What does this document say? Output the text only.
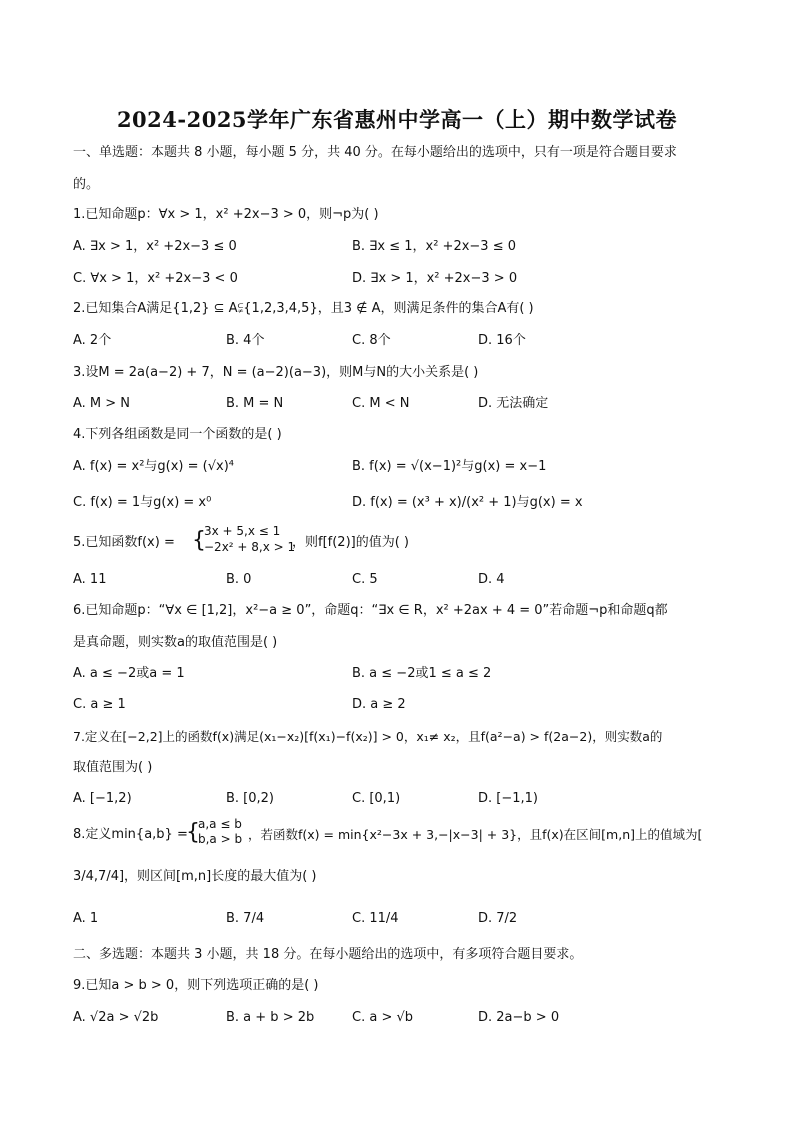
2024-2025学年广东省惠州中学高一（上）期中数学试卷
一、单选题：本题共 8 小题，每小题 5 分，共 40 分。在每小题给出的选项中，只有一项是符合题目要求
的。
1.已知命题p：∀x > 1，x² +2x−3 > 0，则¬p为( )
A. ∃x > 1，x² +2x−3 ≤ 0	B. ∃x ≤ 1，x² +2x−3 ≤ 0
C. ∀x > 1，x² +2x−3 < 0	D. ∃x > 1，x² +2x−3 > 0
2.已知集合A满足{1,2} ⊆ A⫋{1,2,3,4,5}，且3 ∉ A，则满足条件的集合A有( )
A. 2个	B. 4个	C. 8个	D. 16个
3.设M = 2a(a−2) + 7，N = (a−2)(a−3)，则M与N的大小关系是( )
A. M > N	B. M = N	C. M < N	D. 无法确定
4.下列各组函数是同一个函数的是( )
A. f(x) = x²与g(x) = (√x)⁴	B. f(x) = √(x−1)²与g(x) = x−1
C. f(x) = 1与g(x) = x⁰	D. f(x) = (x³ + x)/(x² + 1)与g(x) = x
5.已知函数f(x) = {
3x + 5,x ≤ 1
−2x² + 8,x > 1
，则f[f(2)]的值为( )
A. 11	B. 0	C. 5	D. 4
6.已知命题p：“∀x ∈ [1,2]，x²−a ≥ 0”，命题q：“∃x ∈ R，x² +2ax + 4 = 0”若命题¬p和命题q都
是真命题，则实数a的取值范围是( )
A. a ≤ −2或a = 1	B. a ≤ −2或1 ≤ a ≤ 2
C. a ≥ 1	D. a ≥ 2
7.定义在[−2,2]上的函数f(x)满足(x₁−x₂)[f(x₁)−f(x₂)] > 0，x₁≠ x₂，且f(a²−a) > f(2a−2)，则实数a的
取值范围为( )
A. [−1,2)	B. [0,2)	C. [0,1)	D. [−1,1)
8.定义min{a,b} =
{
a,a ≤ b
b,a > b ，若函数f(x) = min{x²−3x + 3,−|x−3| + 3}，且f(x)在区间[m,n]上的值域为[
3/4,7/4]，则区间[m,n]长度的最大值为( )
A. 1	B. 7/4	C. 11/4	D. 7/2
二、多选题：本题共 3 小题，共 18 分。在每小题给出的选项中，有多项符合题目要求。
9.已知a > b > 0，则下列选项正确的是( )
A. √2a > √2b	B. a + b > 2b	C. a > √b	D. 2a−b > 0
